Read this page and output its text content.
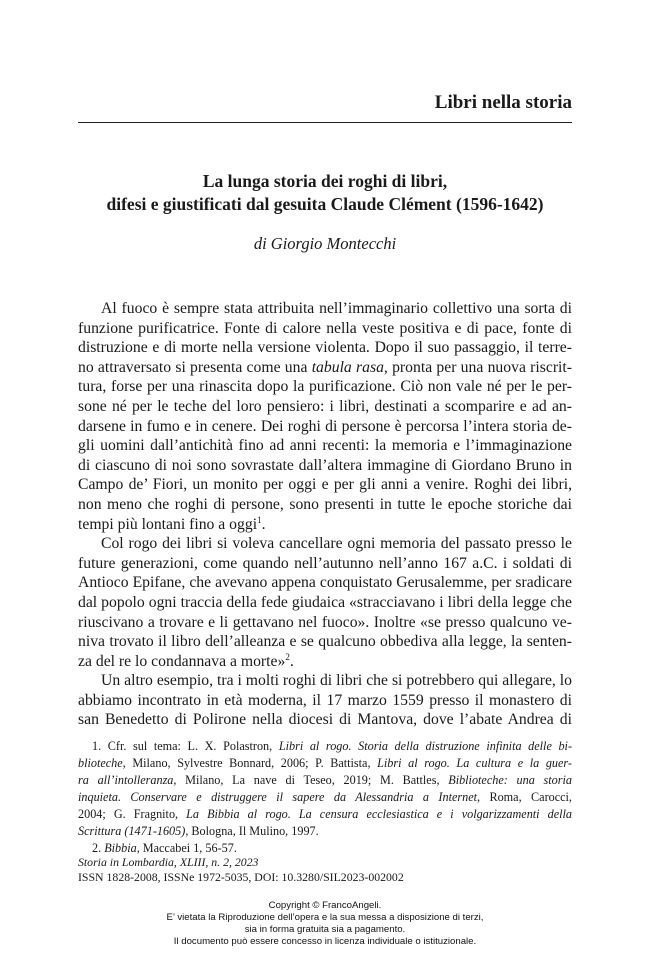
Libri nella storia
La lunga storia dei roghi di libri,
difesi e giustificati dal gesuita Claude Clément (1596-1642)
di Giorgio Montecchi
Al fuoco è sempre stata attribuita nell’immaginario collettivo una sorta di
funzione purificatrice. Fonte di calore nella veste positiva e di pace, fonte di
distruzione e di morte nella versione violenta. Dopo il suo passaggio, il terre-
no attraversato si presenta come una tabula rasa, pronta per una nuova riscrit-
tura, forse per una rinascita dopo la purificazione. Ciò non vale né per le per-
sone né per le teche del loro pensiero: i libri, destinati a scomparire e ad an-
darsene in fumo e in cenere. Dei roghi di persone è percorsa l’intera storia de-
gli uomini dall’antichità fino ad anni recenti: la memoria e l’immaginazione
di ciascuno di noi sono sovrastate dall’altera immagine di Giordano Bruno in
Campo de’ Fiori, un monito per oggi e per gli anni a venire. Roghi dei libri,
non meno che roghi di persone, sono presenti in tutte le epoche storiche dai
tempi più lontani fino a oggi$^1$.
Col rogo dei libri si voleva cancellare ogni memoria del passato presso le
future generazioni, come quando nell’autunno nell’anno 167 a.C. i soldati di
Antioco Epifane, che avevano appena conquistato Gerusalemme, per sradicare
dal popolo ogni traccia della fede giudaica «stracciavano i libri della legge che
riuscivano a trovare e li gettavano nel fuoco». Inoltre «se presso qualcuno ve-
niva trovato il libro dell’alleanza e se qualcuno obbediva alla legge, la senten-
za del re lo condannava a morte»$^2$.
Un altro esempio, tra i molti roghi di libri che si potrebbero qui allegare, lo
abbiamo incontrato in età moderna, il 17 marzo 1559 presso il monastero di
san Benedetto di Polirone nella diocesi di Mantova, dove l’abate Andrea di
1. Cfr. sul tema: L. X. Polastron, Libri al rogo. Storia della distruzione infinita delle bi-
blioteche, Milano, Sylvestre Bonnard, 2006; P. Battista, Libri al rogo. La cultura e la guer-
ra all’intolleranza, Milano, La nave di Teseo, 2019; M. Battles, Biblioteche: una storia
inquieta. Conservare e distruggere il sapere da Alessandria a Internet, Roma, Carocci,
2004; G. Fragnito, La Bibbia al rogo. La censura ecclesiastica e i volgarizzamenti della
Scrittura (1471-1605), Bologna, Il Mulino, 1997.
2. Bibbia, Maccabei 1, 56-57.
Storia in Lombardia, XLIII, n. 2, 2023
ISSN 1828-2008, ISSNe 1972-5035, DOI: 10.3280/SIL2023-002002
Copyright © FrancoAngeli.
E’ vietata la Riproduzione dell’opera e la sua messa a disposizione di terzi,
sia in forma gratuita sia a pagamento.
Il documento può essere concesso in licenza individuale o istituzionale.
